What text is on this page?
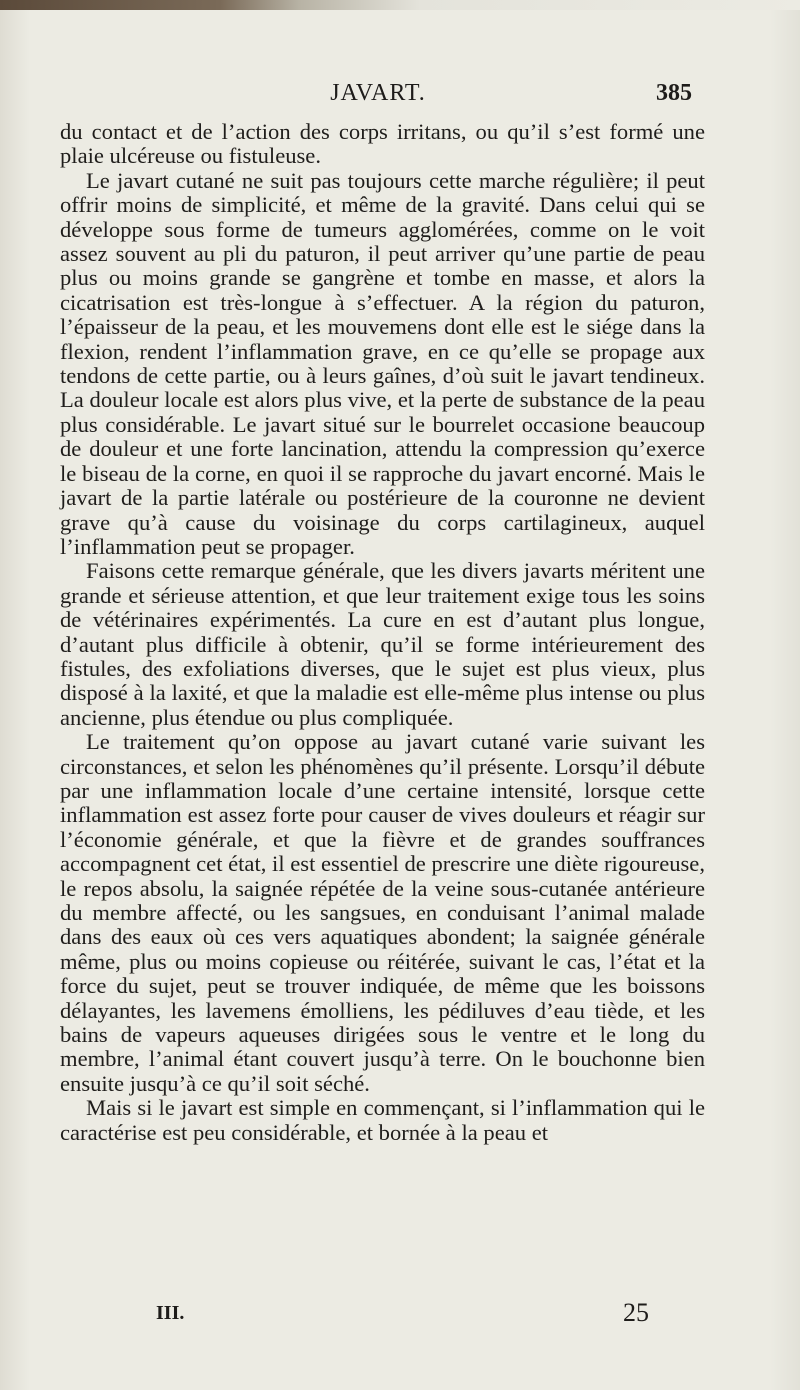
JAVART.	385

du contact et de l’action des corps irritans, ou qu’il s’est formé une plaie ulcéreuse ou fistuleuse.

Le javart cutané ne suit pas toujours cette marche régulière; il peut offrir moins de simplicité, et même de la gravité. Dans celui qui se développe sous forme de tumeurs agglomérées, comme on le voit assez souvent au pli du paturon, il peut arriver qu’une partie de peau plus ou moins grande se gangrène et tombe en masse, et alors la cicatrisation est très-longue à s’effectuer. A la région du paturon, l’épaisseur de la peau, et les mouvemens dont elle est le siége dans la flexion, rendent l’inflammation grave, en ce qu’elle se propage aux tendons de cette partie, ou à leurs gaînes, d’où suit le javart tendineux. La douleur locale est alors plus vive, et la perte de substance de la peau plus considérable. Le javart situé sur le bourrelet occasione beaucoup de douleur et une forte lancination, attendu la compression qu’exerce le biseau de la corne, en quoi il se rapproche du javart encorné. Mais le javart de la partie latérale ou postérieure de la couronne ne devient grave qu’à cause du voisinage du corps cartilagineux, auquel l’inflammation peut se propager.

Faisons cette remarque générale, que les divers javarts méritent une grande et sérieuse attention, et que leur traitement exige tous les soins de vétérinaires expérimentés. La cure en est d’autant plus longue, d’autant plus difficile à obtenir, qu’il se forme intérieurement des fistules, des exfoliations diverses, que le sujet est plus vieux, plus disposé à la laxité, et que la maladie est elle-même plus intense ou plus ancienne, plus étendue ou plus compliquée.

Le traitement qu’on oppose au javart cutané varie suivant les circonstances, et selon les phénomènes qu’il présente. Lorsqu’il débute par une inflammation locale d’une certaine intensité, lorsque cette inflammation est assez forte pour causer de vives douleurs et réagir sur l’économie générale, et que la fièvre et de grandes souffrances accompagnent cet état, il est essentiel de prescrire une diète rigoureuse, le repos absolu, la saignée répétée de la veine sous-cutanée antérieure du membre affecté, ou les sangsues, en conduisant l’animal malade dans des eaux où ces vers aquatiques abondent; la saignée générale même, plus ou moins copieuse ou réitérée, suivant le cas, l’état et la force du sujet, peut se trouver indiquée, de même que les boissons délayantes, les lavemens émolliens, les pédiluves d’eau tiède, et les bains de vapeurs aqueuses dirigées sous le ventre et le long du membre, l’animal étant couvert jusqu’à terre. On le bouchonne bien ensuite jusqu’à ce qu’il soit séché.

Mais si le javart est simple en commençant, si l’inflammation qui le caractérise est peu considérable, et bornée à la peau et

III.	25
